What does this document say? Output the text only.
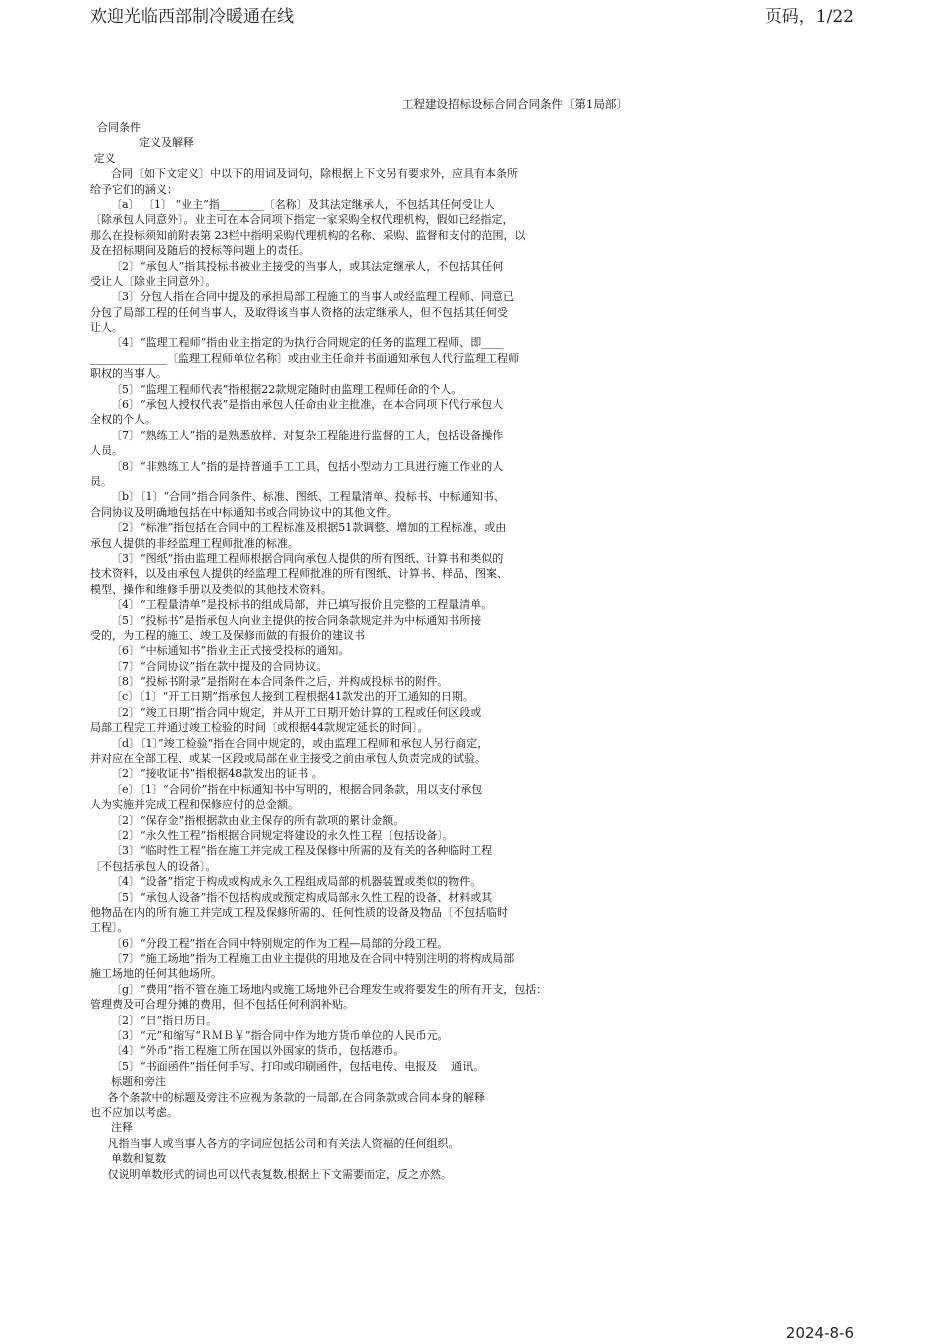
欢迎光临西部制冷暖通在线	页码，1/22
工程建设招标设标合同合同条件〔第1局部〕
合同条件
定义及解释
定义
合同〔如下文定义〕中以下的用词及词句，除根据上下文另有要求外，应具有本条所
给予它们的涵义：
〔a〕 〔1〕 “业主”指________〔名称〕及其法定继承人，不包括其任何受让人
〔除承包人同意外〕。业主可在本合同项下指定一家采购全权代理机构，假如已经指定，
那么在投标须知前附表第 23栏中指明采购代理机构的名称、采购、监督和支付的范围，以
及在招标期间及随后的授标等问题上的责任。
〔2〕“承包人”指其投标书被业主接受的当事人，或其法定继承人，不包括其任何
受让人〔除业主同意外〕。
〔3〕分包人指在合同中提及的承担局部工程施工的当事人或经监理工程师、同意已
分包了局部工程的任何当事人，及取得该当事人资格的法定继承人，但不包括其任何受
让人。
〔4〕“监理工程师”指由业主指定的为执行合同规定的任务的监理工程师、即____
______________〔监理工程师单位名称〕或由业主任命并书面通知承包人代行监理工程师
职权的当事人。
〔5〕“监理工程师代表”指根据22款规定随时由监理工程师任命的个人。
〔6〕“承包人授权代表”是指由承包人任命由业主批准，在本合同项下代行承包人
全权的个人。
〔7〕“熟练工人”指的是熟悉放样、对复杂工程能进行监督的工人，包括设备操作
人员。
〔8〕“非熟练工人”指的是持普通手工工具，包括小型动力工具进行施工作业的人
员。
〔b〕〔1〕“合同”指合同条件、标准、图纸、工程量清单、投标书、中标通知书、
合同协议及明确地包括在中标通知书或合同协议中的其他文件。
〔2〕“标准”指包括在合同中的工程标准及根据51款调整、增加的工程标准，或由
承包人提供的非经监理工程师批准的标准。
〔3〕“图纸”指由监理工程师根据合同向承包人提供的所有图纸、计算书和类似的
技术资料，以及由承包人提供的经监理工程师批准的所有图纸、计算书、样品、图案、
模型、操作和维修手册以及类似的其他技术资料。
〔4〕“工程量清单”是投标书的组成局部，并已填写报价且完整的工程量清单。
〔5〕“投标书”是指承包人向业主提供的按合同条款规定并为中标通知书所接
受的，为工程的施工、竣工及保修而做的有报价的建议书
〔6〕“中标通知书”指业主正式接受投标的通知。
〔7〕“合同协议”指在款中提及的合同协议。
〔8〕“投标书附录”是指附在本合同条件之后，并构成投标书的附件。
〔c〕〔1〕“开工日期”指承包人接到工程根据41款发出的开工通知的日期。
〔2〕“竣工日期”指合同中规定，并从开工日期开始计算的工程或任何区段或
局部工程完工并通过竣工检验的时间〔或根据44款规定延长的时间〕。
〔d〕〔1〕”竣工检验“指在合同中规定的，或由监理工程师和承包人另行商定，
并对应在全部工程、或某一区段或局部在业主接受之前由承包人负责完成的试验。
〔2〕“接收证书”指根据48款发出的证书 。
〔e〕〔1〕“合同价”指在中标通知书中写明的，根据合同条款，用以支付承包
人为实施并完成工程和保修应付的总金额。
〔2〕“保存金”指根据款由业主保存的所有款项的累计金额。
〔2〕“永久性工程”指根据合同规定将建设的永久性工程〔包括设备〕。
〔3〕“临时性工程”指在施工并完成工程及保修中所需的及有关的各种临时工程
〔不包括承包人的设备〕。
〔4〕“设备”指定于构成或构成永久工程组成局部的机器装置或类似的物件。
〔5〕“承包人设备”指不包括构成或预定构成局部永久性工程的设备、材料或其
他物品在内的所有施工并完成工程及保修所需的、任何性质的设备及物品〔不包括临时
工程〕。
〔6〕“分段工程”指在合同中特别规定的作为工程—局部的分段工程。
〔7〕“施工场地”指为工程施工由业主提供的用地及在合同中特别注明的将构成局部
施工场地的任何其他场所。
〔g〕“费用”指不管在施工场地内或施工场地外已合理发生或将要发生的所有开支，包括：
管理费及可合理分摊的费用，但不包括任何利润补贴。
〔2〕“日”指日历日。
〔3〕“元”和缩写“ＲＭＢ￥”指合同中作为地方货币单位的人民币元。
〔4〕“外币”指工程施工所在国以外国家的货币，包括港币。
〔5〕“书面函件”指任何手写、打印或印刷函件，包括电传、电报及    通讯。
标题和旁注
各个条款中的标题及旁注不应视为条款的一局部,在合同条款或合同本身的解释
也不应加以考虑。
注释
凡指当事人或当事人各方的字词应包括公司和有关法人资福的任何组织。
单数和复数
仅说明单数形式的词也可以代表复数,根据上下文需要而定，反之亦然。
2024-8-6
